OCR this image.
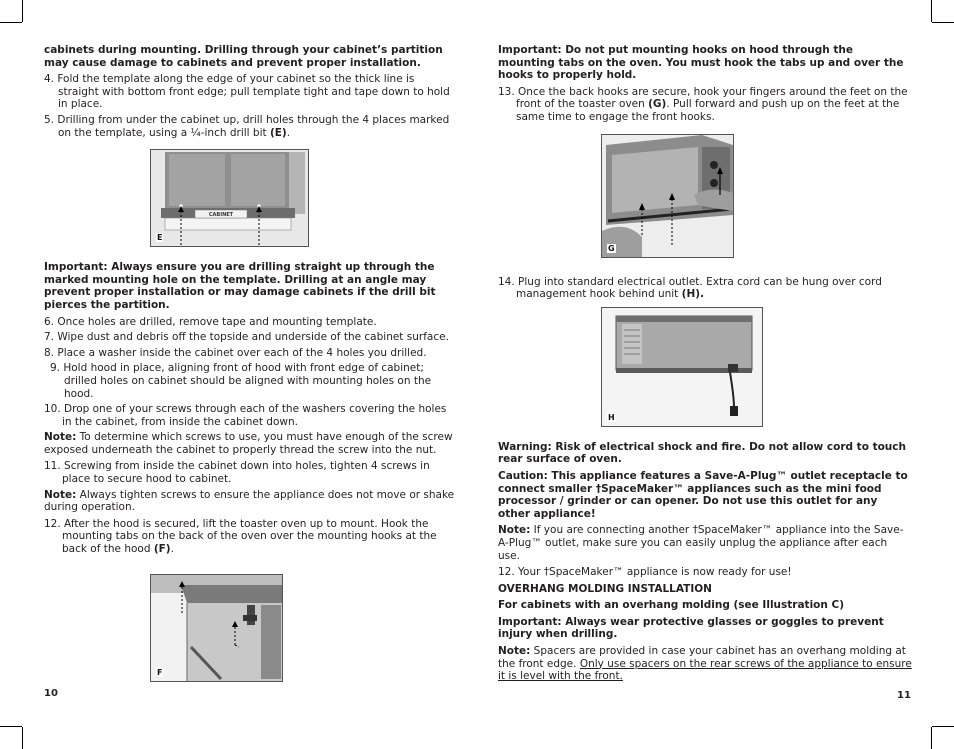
cabinets during mounting. Drilling through your cabinet’s partition may cause damage to cabinets and prevent proper installation.

4. Fold the template along the edge of your cabinet so the thick line is straight with bottom front edge; pull template tight and tape down to hold in place.

5. Drilling from under the cabinet up, drill holes through the 4 places marked on the template, using a ¼-inch drill bit (E).

CABINET
E

Important: Always ensure you are drilling straight up through the marked mounting hole on the template. Drilling at an angle may prevent proper installation or may damage cabinets if the drill bit pierces the partition.

6. Once holes are drilled, remove tape and mounting template.

7. Wipe dust and debris off the topside and underside of the cabinet surface.

8. Place a washer inside the cabinet over each of the 4 holes you drilled.

9. Hold hood in place, aligning front of hood with front edge of cabinet; drilled holes on cabinet should be aligned with mounting holes on the hood.

10. Drop one of your screws through each of the washers covering the holes in the cabinet, from inside the cabinet down.

Note: To determine which screws to use, you must have enough of the screw exposed underneath the cabinet to properly thread the screw into the nut.

11. Screwing from inside the cabinet down into holes, tighten 4 screws in place to secure hood to cabinet.

Note: Always tighten screws to ensure the appliance does not move or shake during operation.

12. After the hood is secured, lift the toaster oven up to mount. Hook the mounting tabs on the back of the oven over the mounting hooks at the back of the hood (F).

F
10

Important: Do not put mounting hooks on hood through the mounting tabs on the oven. You must hook the tabs up and over the hooks to properly hold.

13. Once the back hooks are secure, hook your fingers around the feet on the front of the toaster oven (G). Pull forward and push up on the feet at the same time to engage the front hooks.

G

14. Plug into standard electrical outlet. Extra cord can be hung over cord management hook behind unit (H).

H

Warning: Risk of electrical shock and fire. Do not allow cord to touch rear surface of oven.

Caution: This appliance features a Save-A-Plug™ outlet receptacle to connect smaller †SpaceMaker™ appliances such as the mini food processor / grinder or can opener. Do not use this outlet for any other appliance!

Note: If you are connecting another †SpaceMaker™ appliance into the Save-A-Plug™ outlet, make sure you can easily unplug the appliance after each use.

12. Your †SpaceMaker™ appliance is now ready for use!

OVERHANG MOLDING INSTALLATION

For cabinets with an overhang molding (see Illustration C)

Important: Always wear protective glasses or goggles to prevent injury when drilling.

Note: Spacers are provided in case your cabinet has an overhang molding at the front edge. Only use spacers on the rear screws of the appliance to ensure it is level with the front.

11
